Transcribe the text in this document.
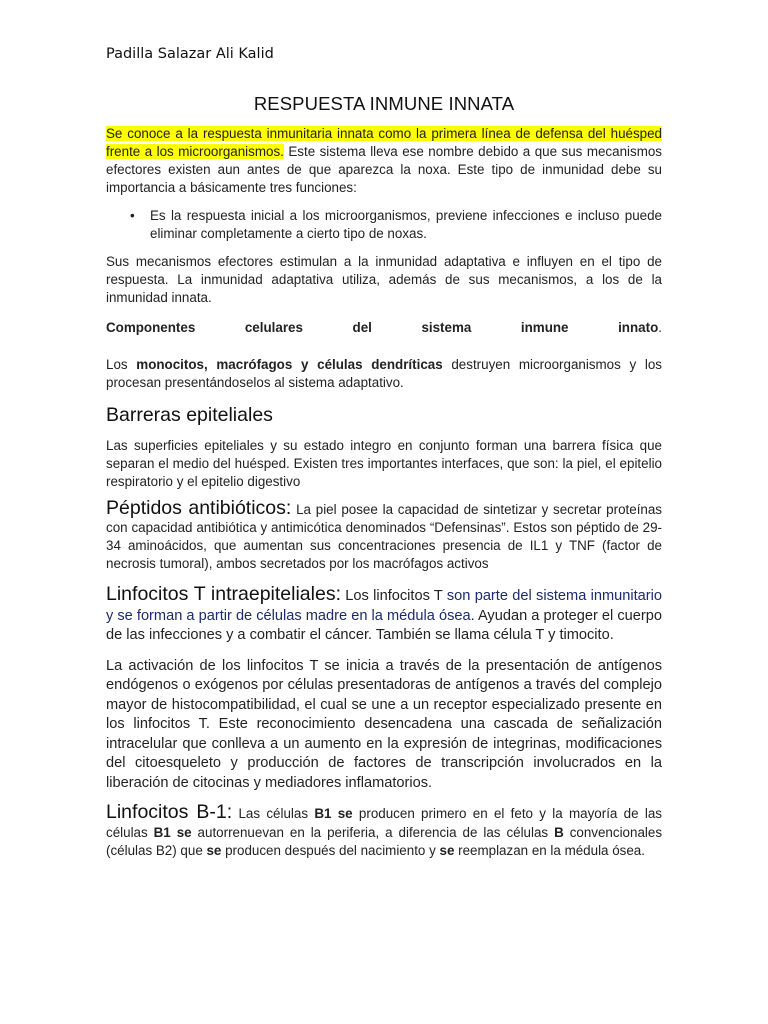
Padilla Salazar Ali Kalid
RESPUESTA INMUNE INNATA

Se conoce a la respuesta inmunitaria innata como la primera línea de defensa del huésped frente a los microorganismos. Este sistema lleva ese nombre debido a que sus mecanismos efectores existen aun antes de que aparezca la noxa. Este tipo de inmunidad debe su importancia a básicamente tres funciones:

• Es la respuesta inicial a los microorganismos, previene infecciones e incluso puede eliminar completamente a cierto tipo de noxas.

Sus mecanismos efectores estimulan a la inmunidad adaptativa e influyen en el tipo de respuesta. La inmunidad adaptativa utiliza, además de sus mecanismos, a los de la inmunidad innata.

Componentes celulares del sistema inmune innato.

Los monocitos, macrófagos y células dendríticas destruyen microorganismos y los procesan presentándoselos al sistema adaptativo.

Barreras epiteliales

Las superficies epiteliales y su estado integro en conjunto forman una barrera física que separan el medio del huésped. Existen tres importantes interfaces, que son: la piel, el epitelio respiratorio y el epitelio digestivo

Péptidos antibióticos: La piel posee la capacidad de sintetizar y secretar proteínas con capacidad antibiótica y antimicótica denominados “Defensinas”. Estos son péptido de 29-34 aminoácidos, que aumentan sus concentraciones presencia de IL1 y TNF (factor de necrosis tumoral), ambos secretados por los macrófagos activos

Linfocitos T intraepiteliales: Los linfocitos T son parte del sistema inmunitario y se forman a partir de células madre en la médula ósea. Ayudan a proteger el cuerpo de las infecciones y a combatir el cáncer. También se llama célula T y timocito.

La activación de los linfocitos T se inicia a través de la presentación de antígenos endógenos o exógenos por células presentadoras de antígenos a través del complejo mayor de histocompatibilidad, el cual se une a un receptor especializado presente en los linfocitos T. Este reconocimiento desencadena una cascada de señalización intracelular que conlleva a un aumento en la expresión de integrinas, modificaciones del citoesqueleto y producción de factores de transcripción involucrados en la liberación de citocinas y mediadores inflamatorios.

Linfocitos B-1: Las células B1 se producen primero en el feto y la mayoría de las células B1 se autorrenuevan en la periferia, a diferencia de las células B convencionales (células B2) que se producen después del nacimiento y se reemplazan en la médula ósea.
